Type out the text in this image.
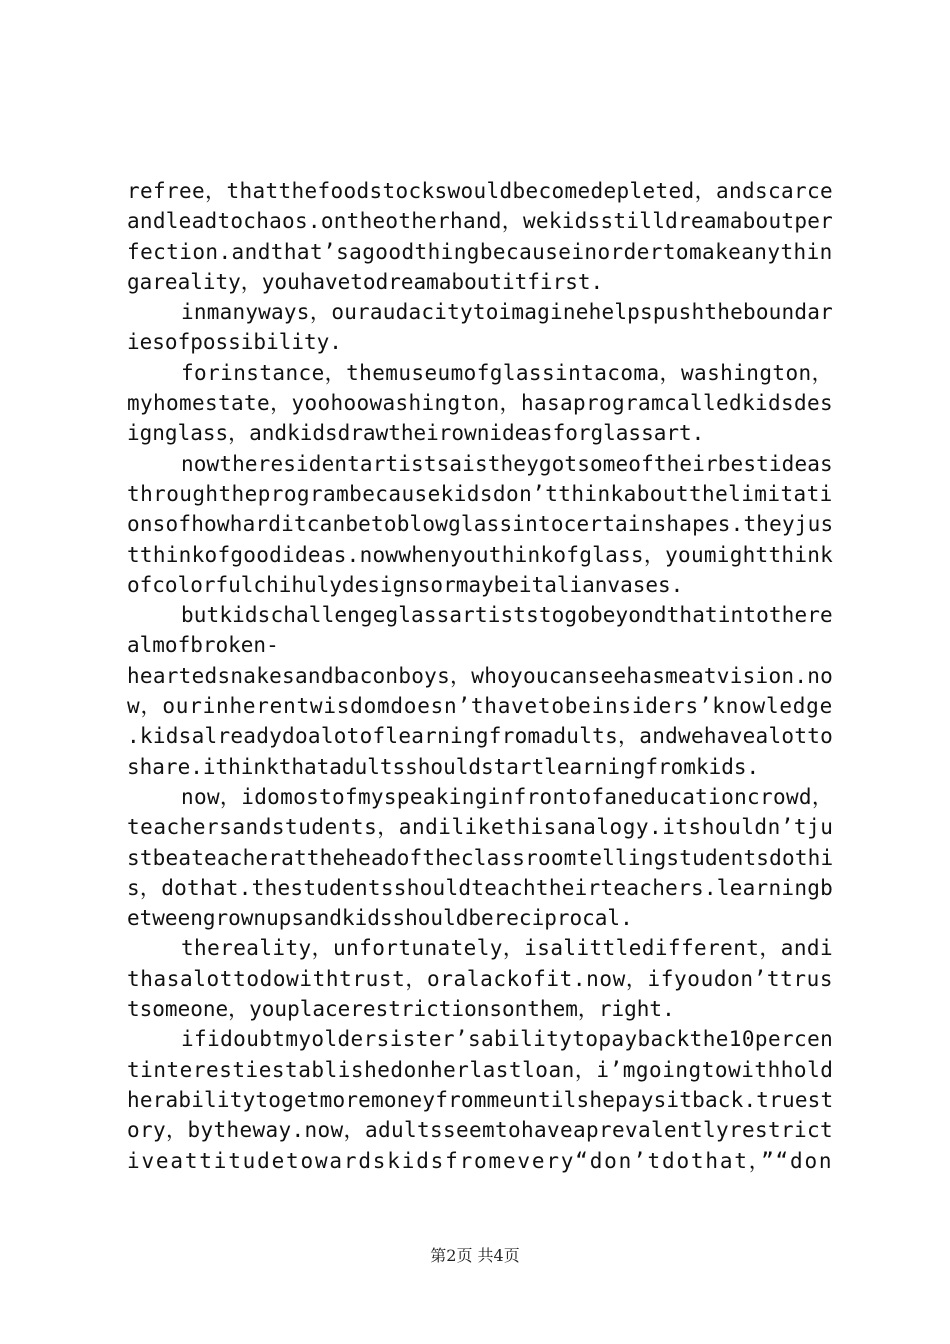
refree，thatthefoodstockswouldbecomedepleted，andscarce
andleadtochaos.ontheotherhand，wekidsstilldreamaboutper
fection.andthat’sagoodthingbecauseinordertomakeanythin
gareality，youhavetodreamaboutitfirst.
inmanyways，ouraudacitytoimaginehelpspushtheboundar
iesofpossibility.
forinstance，themuseumofglassintacoma，washington，
myhomestate，yoohoowashington，hasaprogramcalledkidsdes
ignglass，andkidsdrawtheirownideasforglassart.
nowtheresidentartistsaistheygotsomeoftheirbestideas
throughtheprogrambecausekidsdon’tthinkaboutthelimitati
onsofhowharditcanbetoblowglassintocertainshapes.theyjus
tthinkofgoodideas.nowwhenyouthinkofglass，youmightthink
ofcolorfulchihulydesignsormaybeitalianvases.
butkidschallengeglassartiststogobeyondthatintothere
almofbroken-
heartedsnakesandbaconboys，whoyoucanseehasmeatvision.no
w，ourinherentwisdomdoesn’thavetobeinsiders’knowledge
.kidsalreadydoalotoflearningfromadults，andwehavealotto
share.ithinkthatadultsshouldstartlearningfromkids.
now，idomostofmyspeakinginfrontofaneducationcrowd，
teachersandstudents，andilikethisanalogy.itshouldn’tju
stbeateacherattheheadoftheclassroomtellingstudentsdothi
s，dothat.thestudentsshouldteachtheirteachers.learningb
etweengrownupsandkidsshouldbereciprocal.
thereality，unfortunately，isalittledifferent，andi
thasalottodowithtrust，oralackofit.now，ifyoudon’ttrus
tsomeone，youplacerestrictionsonthem，right.
ifidoubtmyoldersister’sabilitytopaybackthe10percen
tinterestiestablishedonherlastloan，i’mgoingtowithhold
herabilitytogetmoremoneyfrommeuntilshepaysitback.truest
ory，bytheway.now，adultsseemtohaveaprevalentlyrestrict
iveattitudetowardskidsfromevery“don’tdothat，”“don
第2页 共4页
